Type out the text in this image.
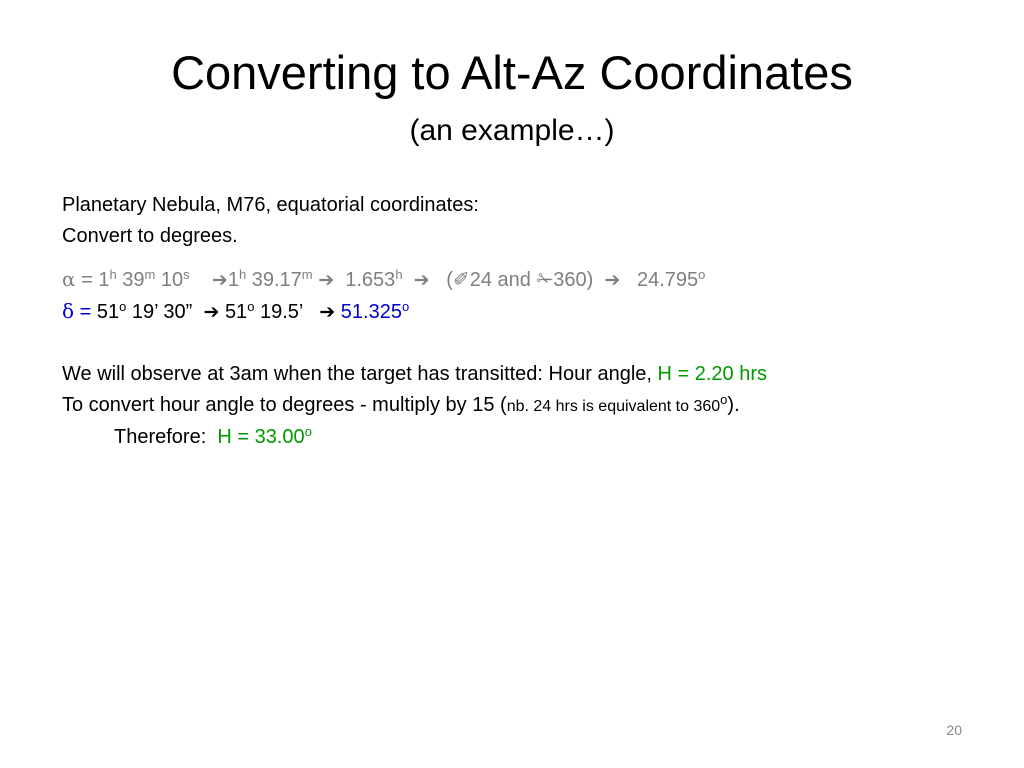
Converting to Alt-Az Coordinates
(an example…)

Planetary Nebula, M76, equatorial coordinates:

Convert to degrees.

$\alpha = 1^h$ 39$^m$ 10$^s$ ➔1$^h$ 39.17$^m$ ➔ 1.653$^h$ ➔ (✐24 and ✁360) ➔ 24.795$^o$

$\delta = 51^o$ 19’ 30” ➔ 51$^o$ 19.5’ ➔ 51.325$^o$

We will observe at 3am when the target has transitted: Hour angle, H = 2.20 hrs

To convert hour angle to degrees - multiply by 15 (nb. 24 hrs is equivalent to 360$^o$).

Therefore: $H = 33.00^o$

20
